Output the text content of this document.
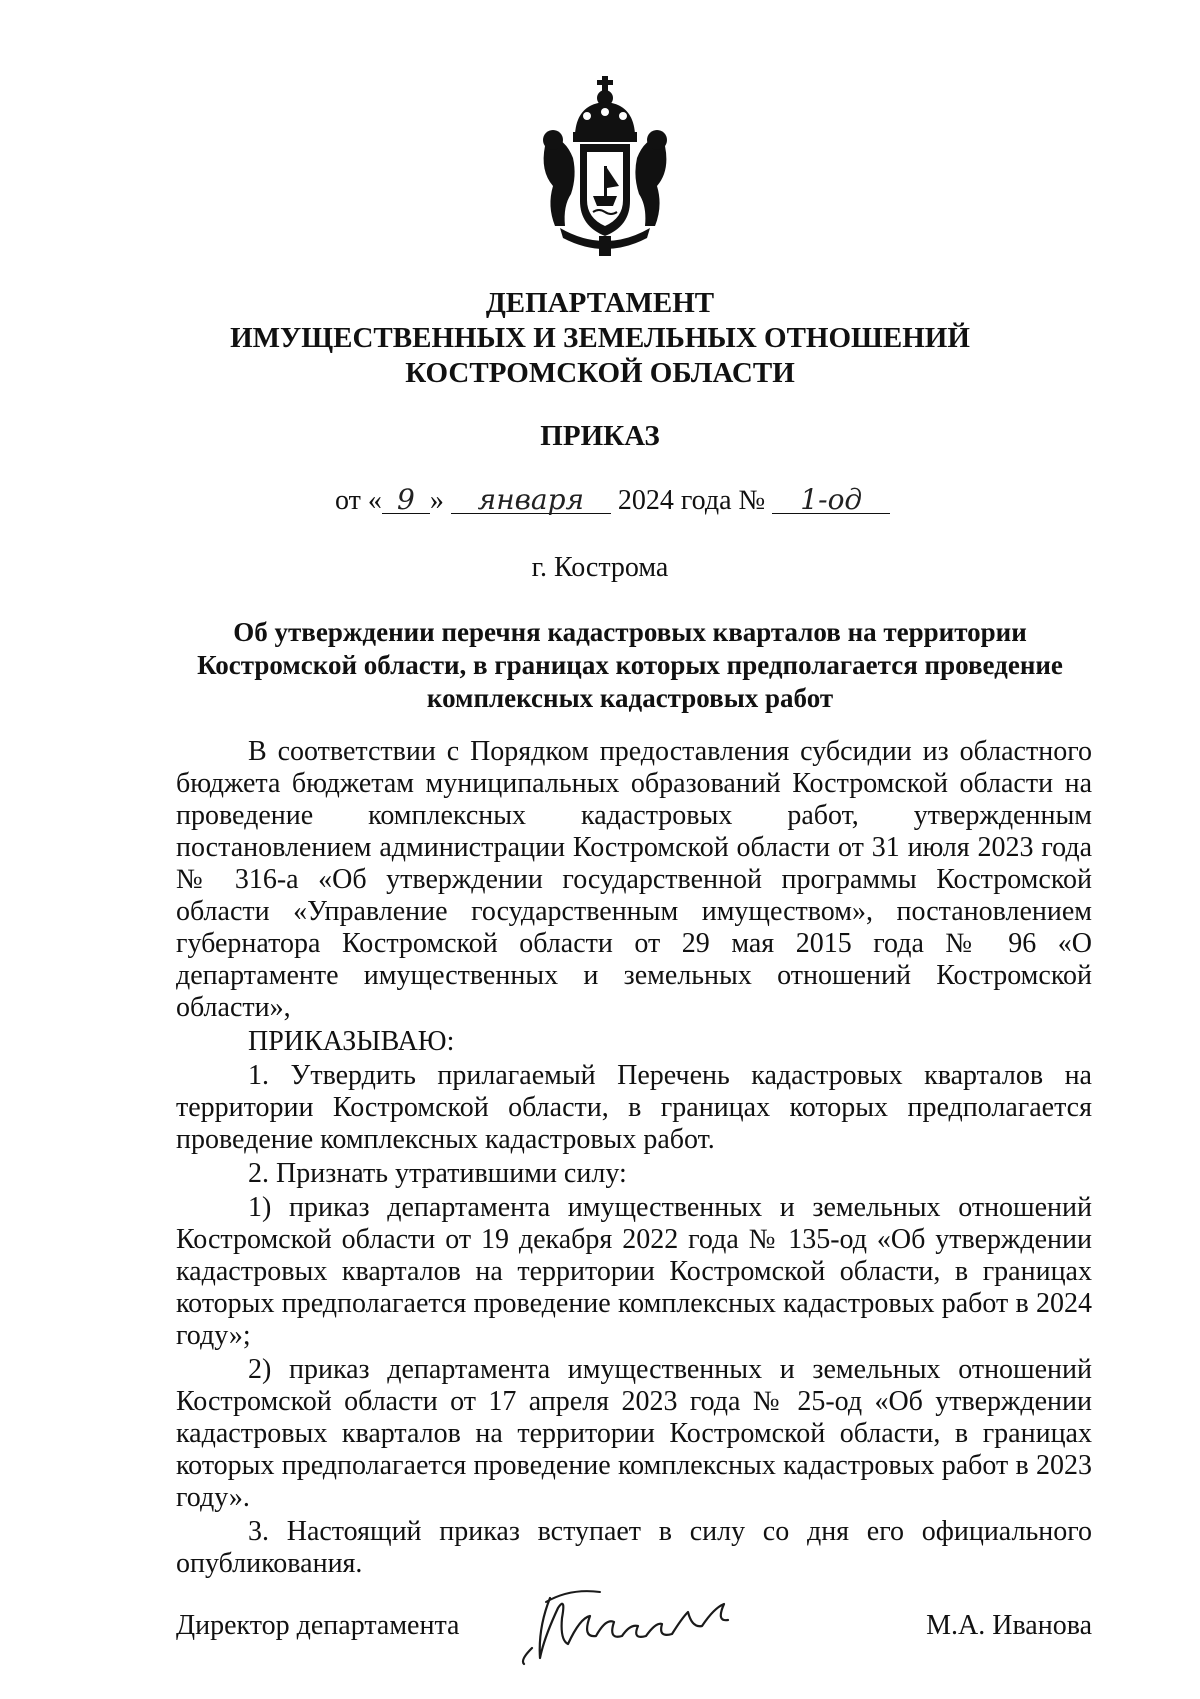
ДЕПАРТАМЕНТ
ИМУЩЕСТВЕННЫХ И ЗЕМЕЛЬНЫХ ОТНОШЕНИЙ
КОСТРОМСКОЙ ОБЛАСТИ
ПРИКАЗ
от « 9 » января 2024 года № 1-од
г. Кострома
Об утверждении перечня кадастровых кварталов на территории
Костромской области, в границах которых предполагается проведение
комплексных кадастровых работ

В соответствии с Порядком предоставления субсидии из областного бюджета бюджетам муниципальных образований Костромской области на проведение комплексных кадастровых работ, утвержденным постановлением администрации Костромской области от 31 июля 2023 года № 316-а «Об утверждении государственной программы Костромской области «Управление государственным имуществом», постановлением губернатора Костромской области от 29 мая 2015 года № 96 «О департаменте имущественных и земельных отношений Костромской области»,

ПРИКАЗЫВАЮ:

1. Утвердить прилагаемый Перечень кадастровых кварталов на территории Костромской области, в границах которых предполагается проведение комплексных кадастровых работ.

2. Признать утратившими силу:

1) приказ департамента имущественных и земельных отношений Костромской области от 19 декабря 2022 года № 135-од «Об утверждении кадастровых кварталов на территории Костромской области, в границах которых предполагается проведение комплексных кадастровых работ в 2024 году»;

2) приказ департамента имущественных и земельных отношений Костромской области от 17 апреля 2023 года № 25-од «Об утверждении кадастровых кварталов на территории Костромской области, в границах которых предполагается проведение комплексных кадастровых работ в 2023 году».

3. Настоящий приказ вступает в силу со дня его официального опубликования.

Директор департамента	М.А. Иванова
